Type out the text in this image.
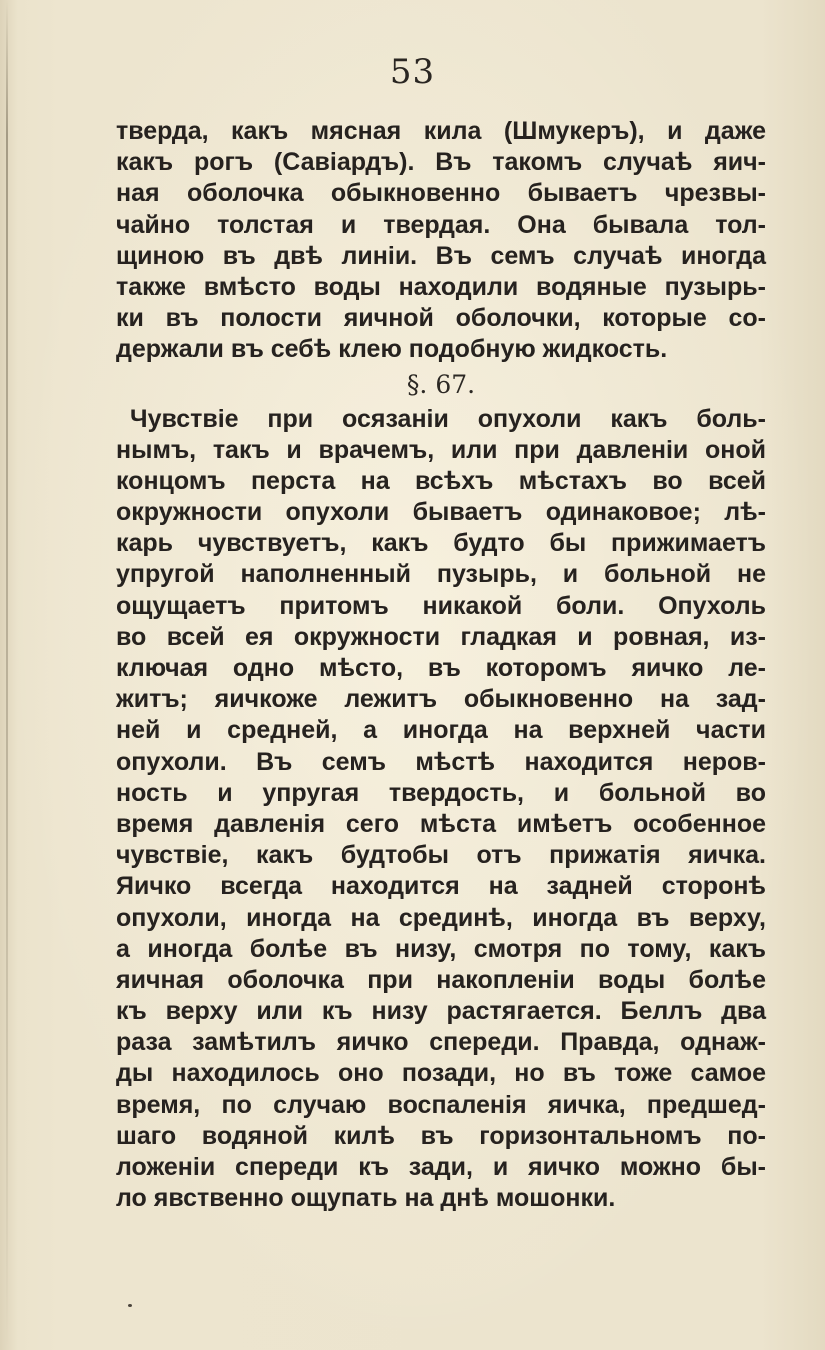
53
тверда, какъ мясная кила (Шмукеръ), и даже
какъ рогъ (Савіардъ). Въ такомъ случаѣ яич-
ная оболочка обыкновенно бываетъ чрезвы-
чайно толстая и твердая. Она бывала тол-
щиною въ двѣ линіи. Въ семъ случаѣ иногда
также вмѣсто воды находили водяные пузырь-
ки въ полости яичной оболочки, которые со-
держали въ себѣ клею подобную жидкость.
§. 67.
Чувствіе при осязаніи опухоли какъ боль-
нымъ, такъ и врачемъ, или при давленіи оной
концомъ перста на всѣхъ мѣстахъ во всей
окружности опухоли бываетъ одинаковое; лѣ-
карь чувствуетъ, какъ будто бы прижимаетъ
упругой наполненный пузырь, и больной не
ощущаетъ притомъ никакой боли. Опухоль
во всей ея окружности гладкая и ровная, из-
ключая одно мѣсто, въ которомъ яичко ле-
житъ; яичкоже лежитъ обыкновенно на зад-
ней и средней, а иногда на верхней части
опухоли. Въ семъ мѣстѣ находится неров-
ность и упругая твердость, и больной во
время давленія сего мѣста имѣетъ особенное
чувствіе, какъ будтобы отъ прижатія яичка.
Яичко всегда находится на задней сторонѣ
опухоли, иногда на срединѣ, иногда въ верху,
а иногда болѣе въ низу, смотря по тому, какъ
яичная оболочка при накопленіи воды болѣе
къ верху или къ низу растягается. Беллъ два
раза замѣтилъ яичко спереди. Правда, однаж-
ды находилось оно позади, но въ тоже самое
время, по случаю воспаленія яичка, предшед-
шаго водяной килѣ въ горизонтальномъ по-
ложеніи спереди къ зади, и яичко можно бы-
ло явственно ощупать на днѣ мошонки.
